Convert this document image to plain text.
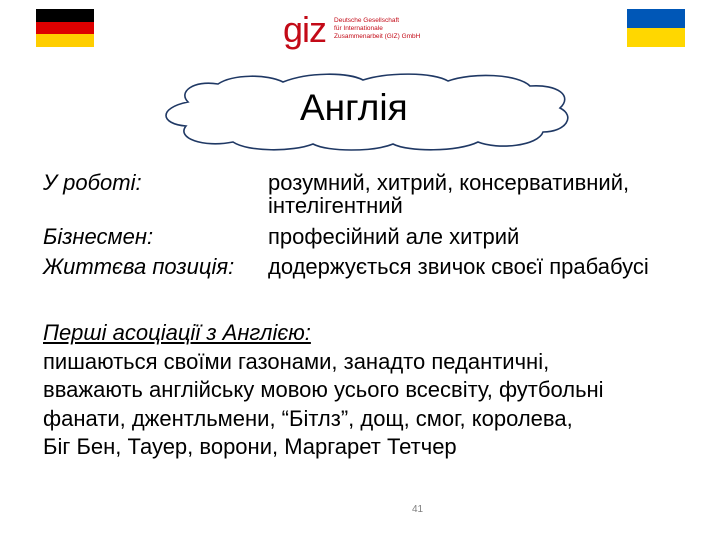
giz Deutsche Gesellschaft
für Internationale
Zusammenarbeit (GIZ) GmbH
Англія
У роботі:	розумний, хитрий, консервативний,
інтелігентний
Бізнесмен:	професійний але хитрий
Життєва позиція: додержується звичок своєї прабабусі
Перші асоціації з Англією:
пишаються своїми газонами, занадто педантичні,
вважають англійську мовою усього всесвіту, футбольні
фанати, джентльмени, “Бітлз”, дощ, смог, королева,
Біг Бен, Тауер, ворони, Маргарет Тетчер
41
